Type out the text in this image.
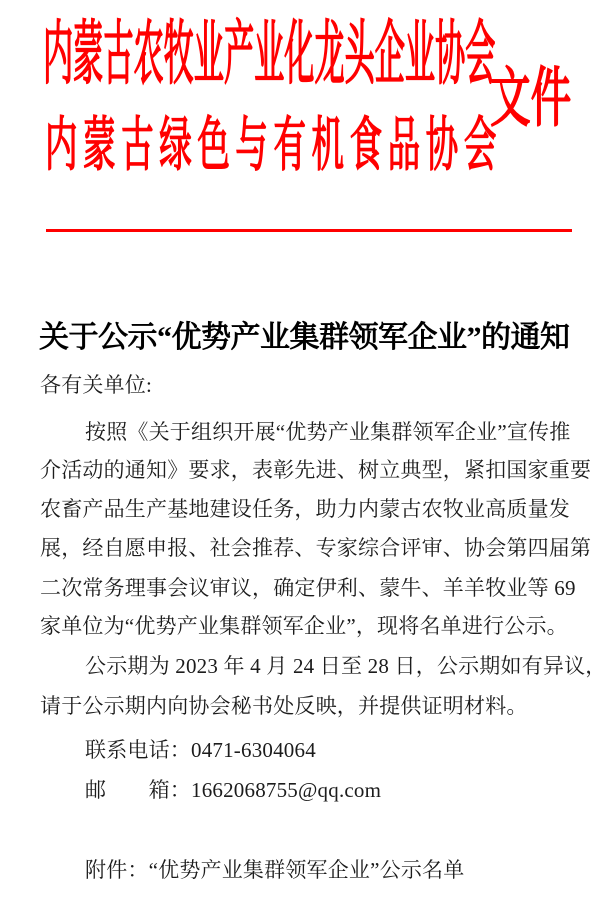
内蒙古农牧业产业化龙头企业协会
文件
内蒙古绿色与有机食品协会
关于公示“优势产业集群领军企业”的通知
各有关单位:
按照《关于组织开展“优势产业集群领军企业”宣传推
介活动的通知》要求，表彰先进、树立典型，紧扣国家重要
农畜产品生产基地建设任务，助力内蒙古农牧业高质量发
展，经自愿申报、社会推荐、专家综合评审、协会第四届第
二次常务理事会议审议，确定伊利、蒙牛、羊羊牧业等 69
家单位为“优势产业集群领军企业”，现将名单进行公示。
公示期为 2023 年 4 月 24 日至 28 日，公示期如有异议，
请于公示期内向协会秘书处反映，并提供证明材料。
联系电话：0471-6304064
邮　　箱：1662068755@qq.com
附件：“优势产业集群领军企业”公示名单
